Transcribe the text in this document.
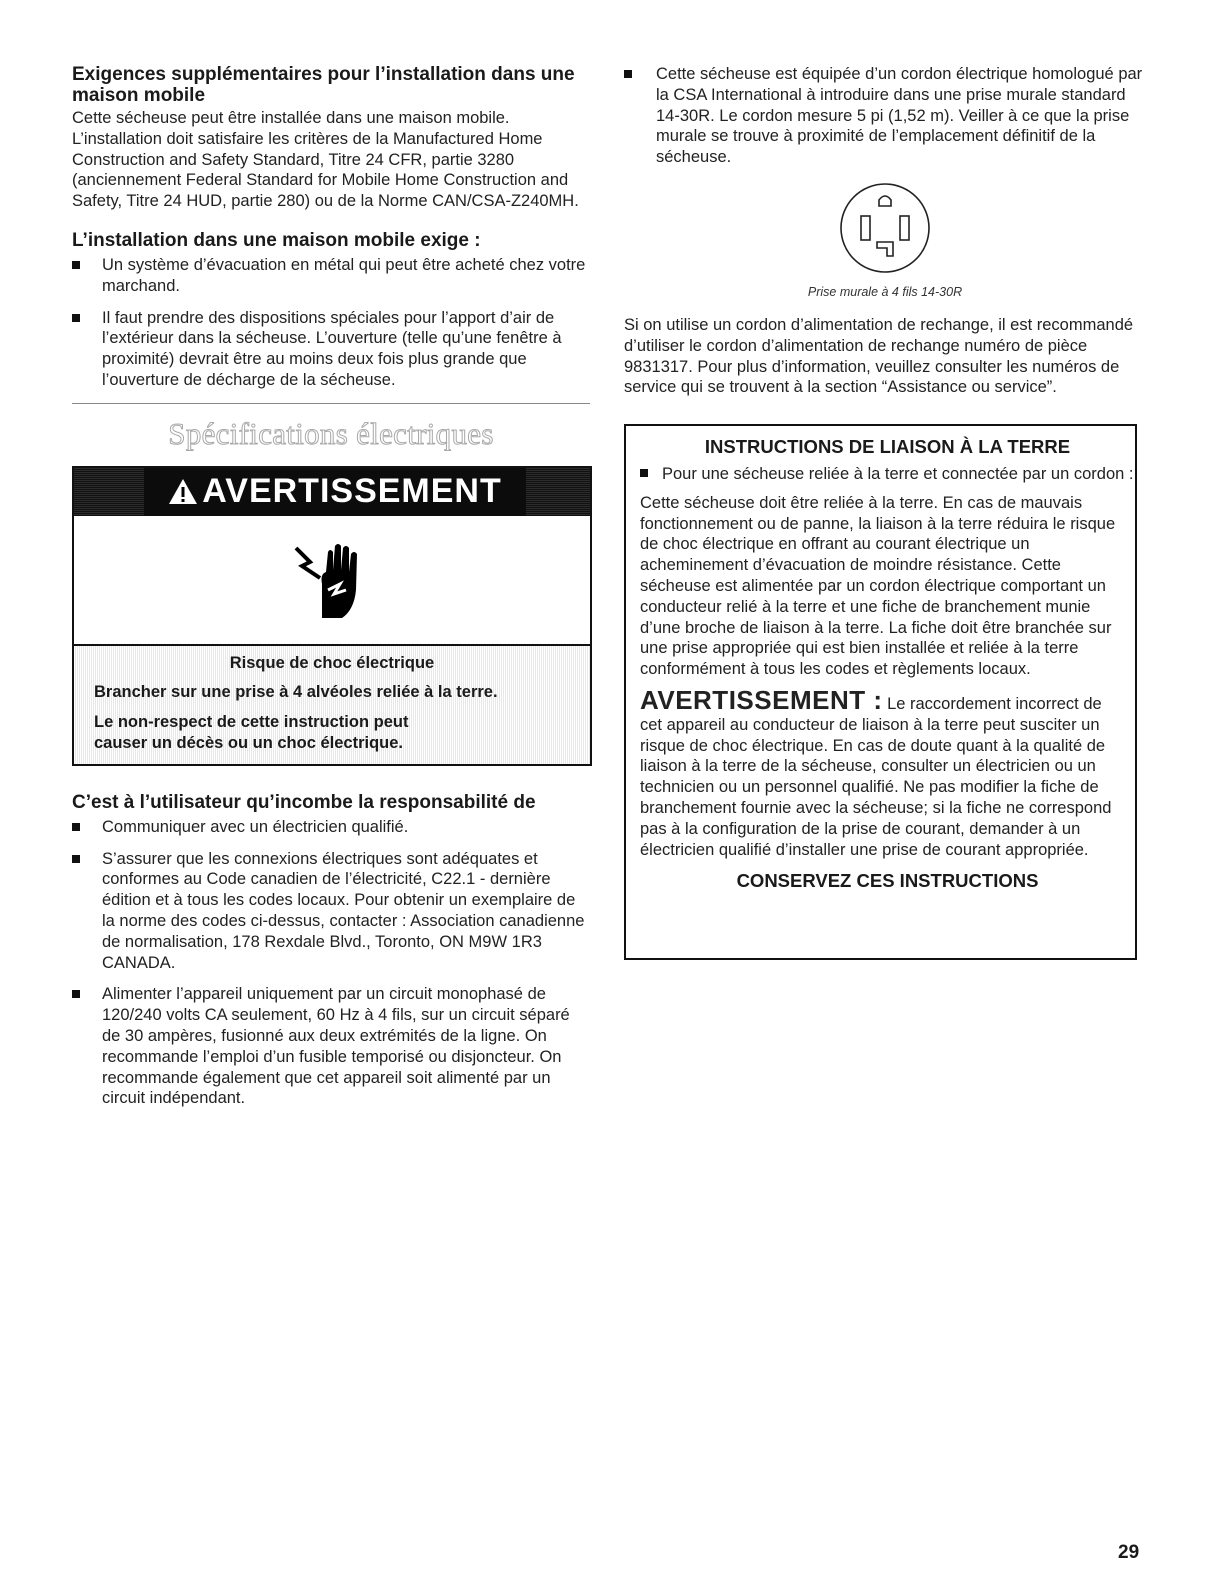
Exigences supplémentaires pour l’installation dans une maison mobile

Cette sécheuse peut être installée dans une maison mobile. L’installation doit satisfaire les critères de la Manufactured Home Construction and Safety Standard, Titre 24 CFR, partie 3280 (anciennement Federal Standard for Mobile Home Construction and Safety, Titre 24 HUD, partie 280) ou de la Norme CAN/CSA-Z240MH.

L’installation dans une maison mobile exige :
Un système d’évacuation en métal qui peut être acheté chez votre marchand.
Il faut prendre des dispositions spéciales pour l’apport d’air de l’extérieur dans la sécheuse. L’ouverture (telle qu’une fenêtre à proximité) devrait être au moins deux fois plus grande que l’ouverture de décharge de la sécheuse.
Spécifications électriques
AVERTISSEMENT
Risque de choc électrique
Brancher sur une prise à 4 alvéoles reliée à la terre.
Le non-respect de cette instruction peut causer un décès ou un choc électrique.
C’est à l’utilisateur qu’incombe la responsabilité de
Communiquer avec un électricien qualifié.
S’assurer que les connexions électriques sont adéquates et conformes au Code canadien de l’électricité, C22.1 - dernière édition et à tous les codes locaux. Pour obtenir un exemplaire de la norme des codes ci-dessus, contacter : Association canadienne de normalisation, 178 Rexdale Blvd., Toronto, ON M9W 1R3 CANADA.
Alimenter l’appareil uniquement par un circuit monophasé de 120/240 volts CA seulement, 60 Hz à 4 fils, sur un circuit séparé de 30 ampères, fusionné aux deux extrémités de la ligne. On recommande l’emploi d’un fusible temporisé ou disjoncteur. On recommande également que cet appareil soit alimenté par un circuit indépendant.
Cette sécheuse est équipée d’un cordon électrique homologué par la CSA International à introduire dans une prise murale standard 14-30R. Le cordon mesure 5 pi (1,52 m). Veiller à ce que la prise murale se trouve à proximité de l’emplacement définitif de la sécheuse.
Prise murale à 4 fils 14-30R

Si on utilise un cordon d’alimentation de rechange, il est recommandé d’utiliser le cordon d’alimentation de rechange numéro de pièce 9831317. Pour plus d’information, veuillez consulter les numéros de service qui se trouvent à la section “Assistance ou service”.

INSTRUCTIONS DE LIAISON À LA TERRE
Pour une sécheuse reliée à la terre et connectée par un cordon :

Cette sécheuse doit être reliée à la terre. En cas de mauvais fonctionnement ou de panne, la liaison à la terre réduira le risque de choc électrique en offrant au courant électrique un acheminement d’évacuation de moindre résistance. Cette sécheuse est alimentée par un cordon électrique comportant un conducteur relié à la terre et une fiche de branchement munie d’une broche de liaison à la terre. La fiche doit être branchée sur une prise appropriée qui est bien installée et reliée à la terre conformément à tous les codes et règlements locaux.

AVERTISSEMENT : Le raccordement incorrect de cet appareil au conducteur de liaison à la terre peut susciter un risque de choc électrique. En cas de doute quant à la qualité de liaison à la terre de la sécheuse, consulter un électricien ou un technicien ou un personnel qualifié. Ne pas modifier la fiche de branchement fournie avec la sécheuse; si la fiche ne correspond pas à la configuration de la prise de courant, demander à un électricien qualifié d’installer une prise de courant appropriée.

CONSERVEZ CES INSTRUCTIONS
29
